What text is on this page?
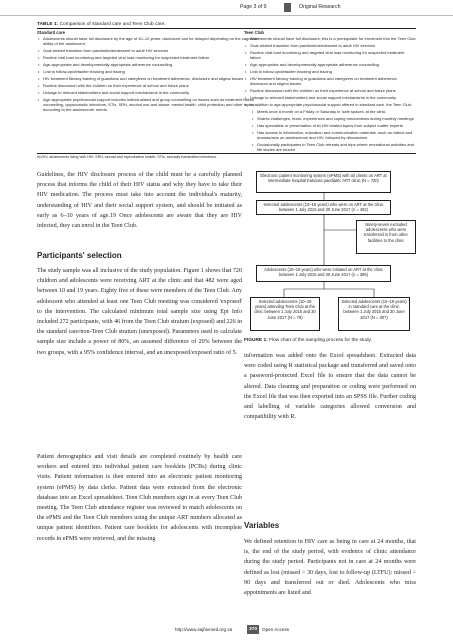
Page 3 of 9	Original Research
TABLE 1: Comparison of standard care and Teen Club care.
Standard care
• Adolescents should have full disclosure by the age of 10–12 years; disclosure can be delayed depending on the cognitive ability of the adolescent
• Goal-related transition from paediatric/adolescent to adult HIV services
• Routine viral load monitoring and targeted viral load monitoring for suspected treatment failure
• Age-appropriate and developmentally appropriate adherence counselling
• Lost to follow-up/defaulter tracking and tracing
• HIV treatment literacy training of guardians and caregivers on treatment adherence, disclosure and stigma issues
• Routine discussion with the children on their experience at school and future plans
• Linkage to relevant stakeholders and social support mechanisms in the community
• Age-appropriate psychosocial support includes individualised and group counselling on issues such as treatment failure counselling, opportunistic infections, STIs, SRH, alcohol use and abuse, mental health, child protection and other topics according to the adolescents' needs.
Teen Club
• Adolescents should have full disclosure; this is a prerequisite for enrolment into the Teen Club
• Goal-related transition from paediatric/adolescent to adult HIV services
• Routine viral load monitoring and targeted viral load monitoring for suspected treatment failure
• Age-appropriate and developmentally appropriate adherence counselling
• Lost to follow-up/defaulter tracking and tracing
• HIV treatment literacy training of guardians and caregivers on treatment adherence, disclosure and stigma issues
• Routine discussion with the children on their experience at school and future plans
• Linkage to relevant stakeholders and social support mechanisms in the community
• In addition to age-appropriate psychosocial support offered in standard care, the Teen Club:
• Meets once a month on a Friday or Saturday in 'safe spaces' at the clinic
• Shares challenges, fears, experiences and coping mechanisms during monthly meetings
• Has specialists or presentation of ALHIV-related topics from subject matter experts
• Has access to information, education and communication materials, such as videos and dramas/acts on adolescence and HIV, followed by discussions
• Occasionally participates in Teen Club retreats and trips where recreational activities and life stories are shared
ALHIV, adolescents living with HIV; SRH, sexual and reproductive health; STIs, sexually transmitted infections.
Guidelines, the HIV disclosure process of the child must be a carefully planned process that informs the child of their HIV status and why they have to take their HIV medication. The process must take into account the individual's maturity, understanding of HIV and their social support system, and should be initiated as early as 6–10 years of age.19 Once adolescents are aware that they are HIV infected, they can enrol in the Teen Club.
Participants' selection
The study sample was all inclusive of the study population. Figure 1 shows that 720 children and adolescents were receiving ART at the clinic and that 482 were aged between 10 and 19 years. Eighty five of these were members of the Teen Club. Any adolescent who attended at least one Teen Club meeting was considered 'exposed' to the intervention. The calculated minimum total sample size using Epi Info included 272 participants, with 46 from the Teen Club stratum (exposed) and 226 in the standard care/non-Teen Club stratum (unexposed). Parameters used to calculate sample size include a power of 80%, an assumed difference of 20% between the two groups, with a 95% confidence interval, and an unexposed/exposed ratio of 5.
Patient demographics and visit details are completed routinely by health care workers and entered into individual patient care booklets (PCBs) during clinic visits. Patient information is then entered into an electronic patient monitoring system (ePMS) by data clerks. Patient data were extracted from the electronic database into an Excel spreadsheet. Teen Club members sign in at every Teen Club meeting. The Teen Club attendance register was reviewed to match adolescents on the ePMS and the Teen Club members using the unique ART numbers allocated as unique patient identifiers. Patient care booklets for adolescents with incomplete records in ePMS were retrieved, and the missing
Electronic patient monitoring system (ePMS) with all clients on ART at intermediate hospital Katutura paediatric ART clinic (N = 720)
Selected adolescents (10–19 years) who were on ART at the clinic between 1 July 2015 and 30 June 2017 (n = 482)
Ninety-seven excluded adolescents who were transferred in from other facilities to the clinic
Adolescents (10–19 years) who were initiated on ART at the clinic between 1 July 2015 and 30 June 2017 (n = 385)
Selected adolescents (10–19 years) attending Teen Club at the clinic between 1 July 2015 and 30 June 2017 (N = 78)
Selected adolescents (10–19 years) in standard care at the clinic between 1 July 2015 and 30 June 2017 (N = 307)
FIGURE 1: Flow chart of the sampling process for the study.
information was added onto the Excel spreadsheet. Extracted data were coded using R statistical package and transferred and saved onto a password-protected Excel file to ensure that the data cannot be altered. Data cleaning and preparation or coding were performed on the Excel file that was then exported into an SPSS file. Further coding and labelling of variable categories allowed conversion and compatibility with R.
Variables
We defined retention in HIV care as being in care at 24 months, that is, the end of the study period, with evidence of clinic attendance during the study period. Participants not in care at 24 months were defined as lost (missed > 30 days, lost to follow-up (LTFU): missed > 90 days and transferred out or died. Adolescents who miss appointments are listed and
http://www.sajhivmed.org.za	370	Open Access
